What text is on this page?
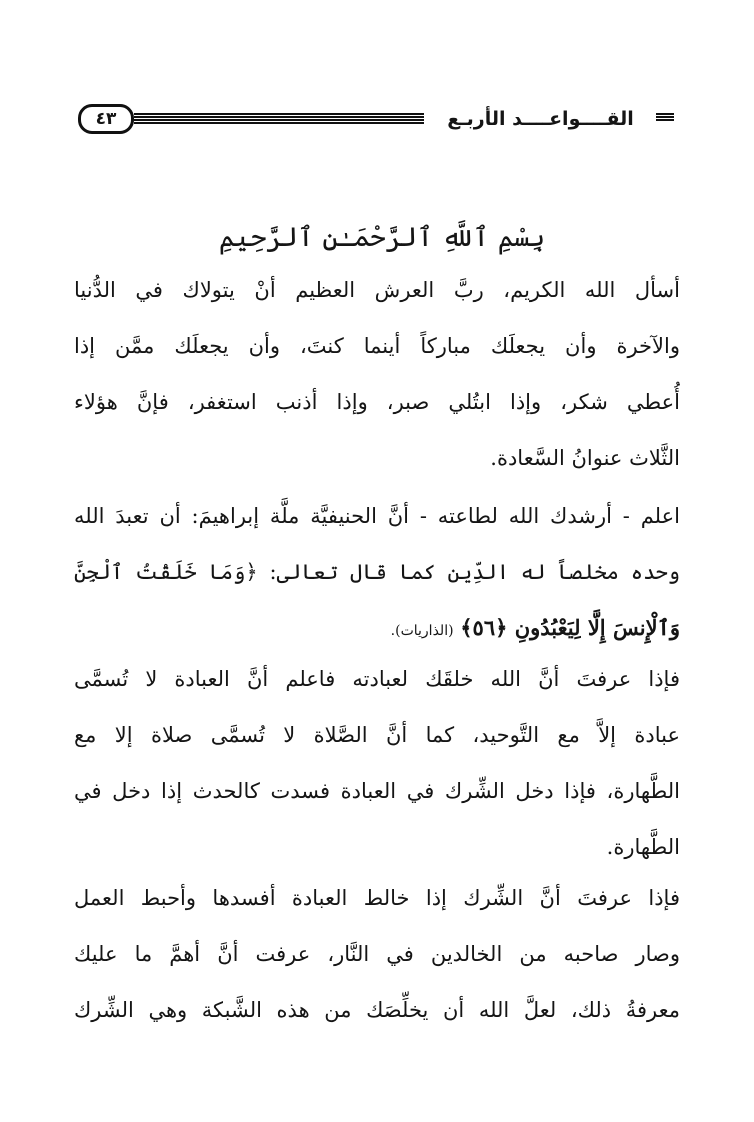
٤٣	القــــواعــــد الأربـع
بِسْمِ ٱللَّهِ ٱلرَّحْمَـٰنِ ٱلرَّحِيمِ
أسأل الله الكريم، ربَّ العرش العظيم أنْ يتولاك في الدُّنيا
والآخرة وأن يجعلَك مباركاً أينما كنتَ، وأن يجعلَك ممَّن إذا
أُعطي شكر، وإذا ابتُلي صبر، وإذا أذنب استغفر، فإنَّ هؤلاء
الثَّلاث عنوانُ السَّعادة.
اعلم - أرشدك الله لطاعته - أنَّ الحنيفيَّة ملَّة إبراهيمَ: أن تعبدَ الله
وحده مخلصاً له الدِّين كما قال تعالى: ﴿وَمَا خَلَقْتُ ٱلْجِنَّ
وَٱلْإِنسَ إِلَّا لِيَعْبُدُونِ ﴿٥٦﴾ (الذاريات).
فإذا عرفتَ أنَّ الله خلقَك لعبادته فاعلم أنَّ العبادة لا تُسمَّى
عبادة إلاَّ مع التَّوحيد، كما أنَّ الصَّلاة لا تُسمَّى صلاة إلا مع
الطَّهارة، فإذا دخل الشِّرك في العبادة فسدت كالحدث إذا دخل في
الطَّهارة.
فإذا عرفتَ أنَّ الشِّرك إذا خالط العبادة أفسدها وأحبط العمل
وصار صاحبه من الخالدين في النَّار، عرفت أنَّ أهمَّ ما عليك
معرفةُ ذلك، لعلَّ الله أن يخلِّصَك من هذه الشَّبكة وهي الشِّرك
